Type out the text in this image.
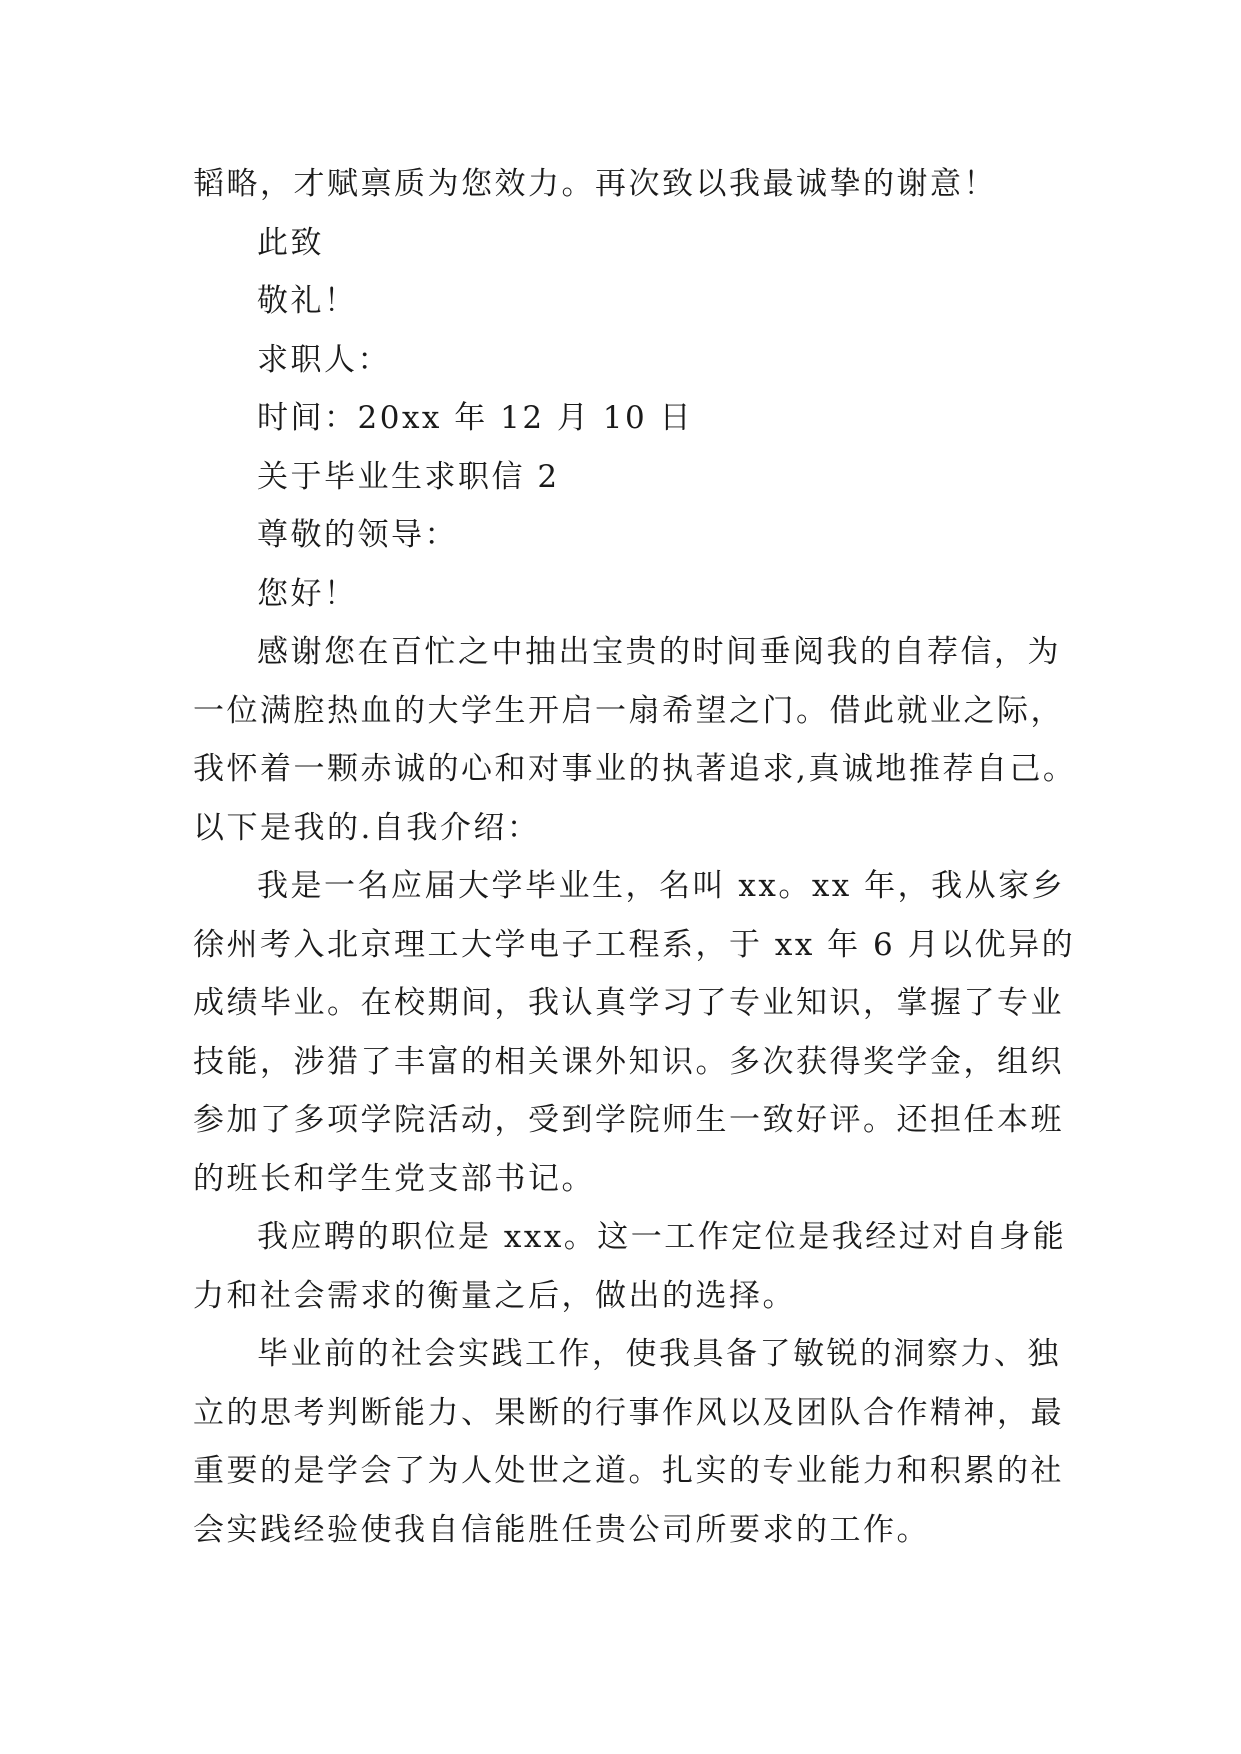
韬略，才赋禀质为您效力。再次致以我最诚挚的谢意！
此致
敬礼！
求职人：
时间：20xx 年 12 月 10 日
关于毕业生求职信 2
尊敬的领导：
您好！
感谢您在百忙之中抽出宝贵的时间垂阅我的自荐信，为
一位满腔热血的大学生开启一扇希望之门。借此就业之际，
我怀着一颗赤诚的心和对事业的执著追求,真诚地推荐自己。
以下是我的.自我介绍：
我是一名应届大学毕业生，名叫 xx。xx 年，我从家乡
徐州考入北京理工大学电子工程系，于 xx 年 6 月以优异的
成绩毕业。在校期间，我认真学习了专业知识，掌握了专业
技能，涉猎了丰富的相关课外知识。多次获得奖学金，组织
参加了多项学院活动，受到学院师生一致好评。还担任本班
的班长和学生党支部书记。
我应聘的职位是 xxx。这一工作定位是我经过对自身能
力和社会需求的衡量之后，做出的选择。
毕业前的社会实践工作，使我具备了敏锐的洞察力、独
立的思考判断能力、果断的行事作风以及团队合作精神，最
重要的是学会了为人处世之道。扎实的专业能力和积累的社
会实践经验使我自信能胜任贵公司所要求的工作。
